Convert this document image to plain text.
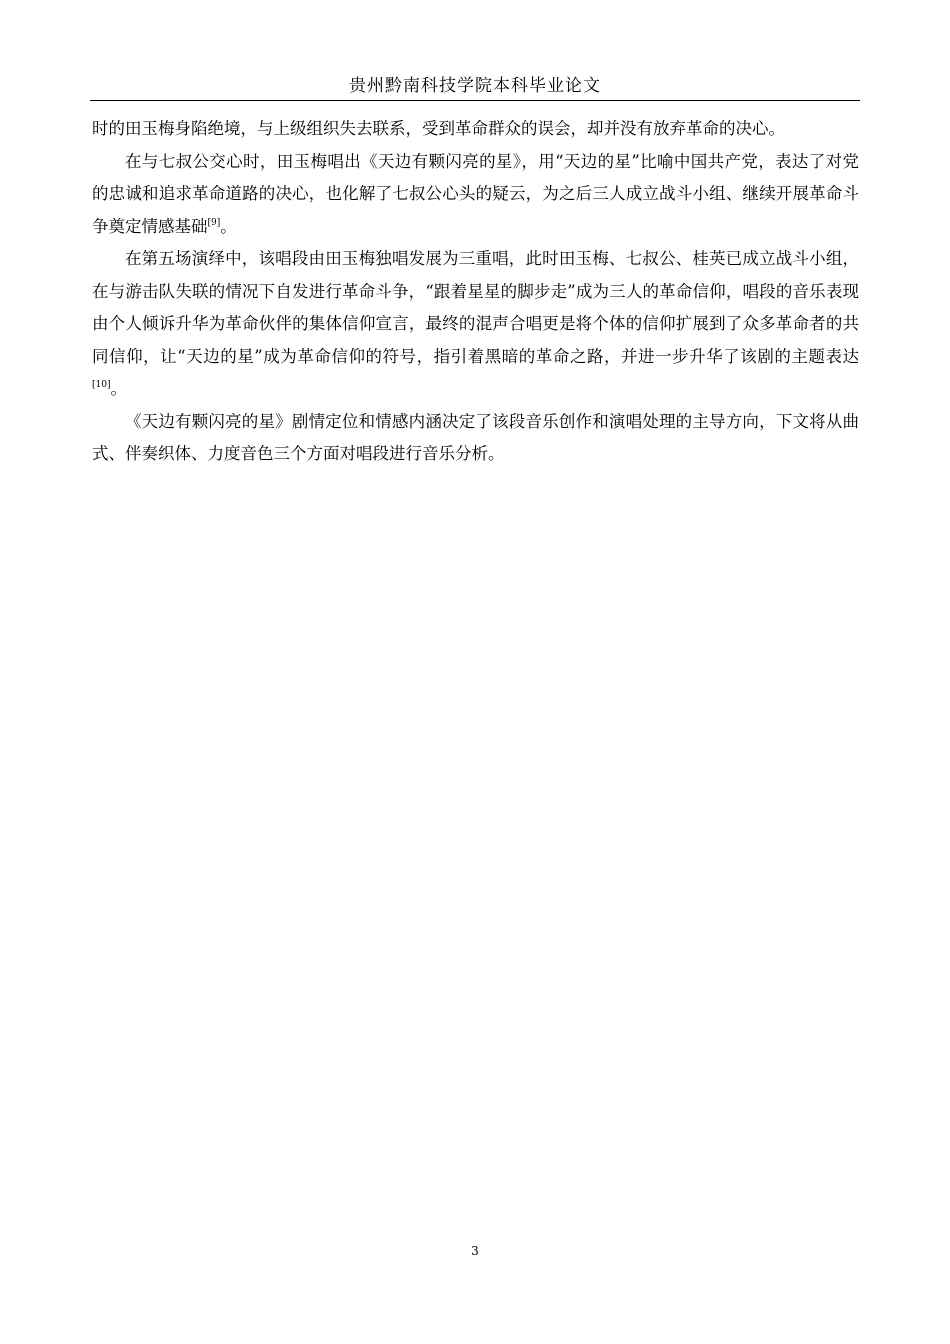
贵州黔南科技学院本科毕业论文

时的田玉梅身陷绝境，与上级组织失去联系，受到革命群众的误会，却并没有放弃革命的决心。

在与七叔公交心时，田玉梅唱出《天边有颗闪亮的星》，用“天边的星”比喻中国共产党，表达了对党的忠诚和追求革命道路的决心，也化解了七叔公心头的疑云，为之后三人成立战斗小组、继续开展革命斗争奠定情感基础[9]。

在第五场演绎中，该唱段由田玉梅独唱发展为三重唱，此时田玉梅、七叔公、桂英已成立战斗小组，在与游击队失联的情况下自发进行革命斗争，“跟着星星的脚步走”成为三人的革命信仰，唱段的音乐表现由个人倾诉升华为革命伙伴的集体信仰宣言，最终的混声合唱更是将个体的信仰扩展到了众多革命者的共同信仰，让“天边的星”成为革命信仰的符号，指引着黑暗的革命之路，并进一步升华了该剧的主题表达[10]。

《天边有颗闪亮的星》剧情定位和情感内涵决定了该段音乐创作和演唱处理的主导方向，下文将从曲式、伴奏织体、力度音色三个方面对唱段进行音乐分析。

3
